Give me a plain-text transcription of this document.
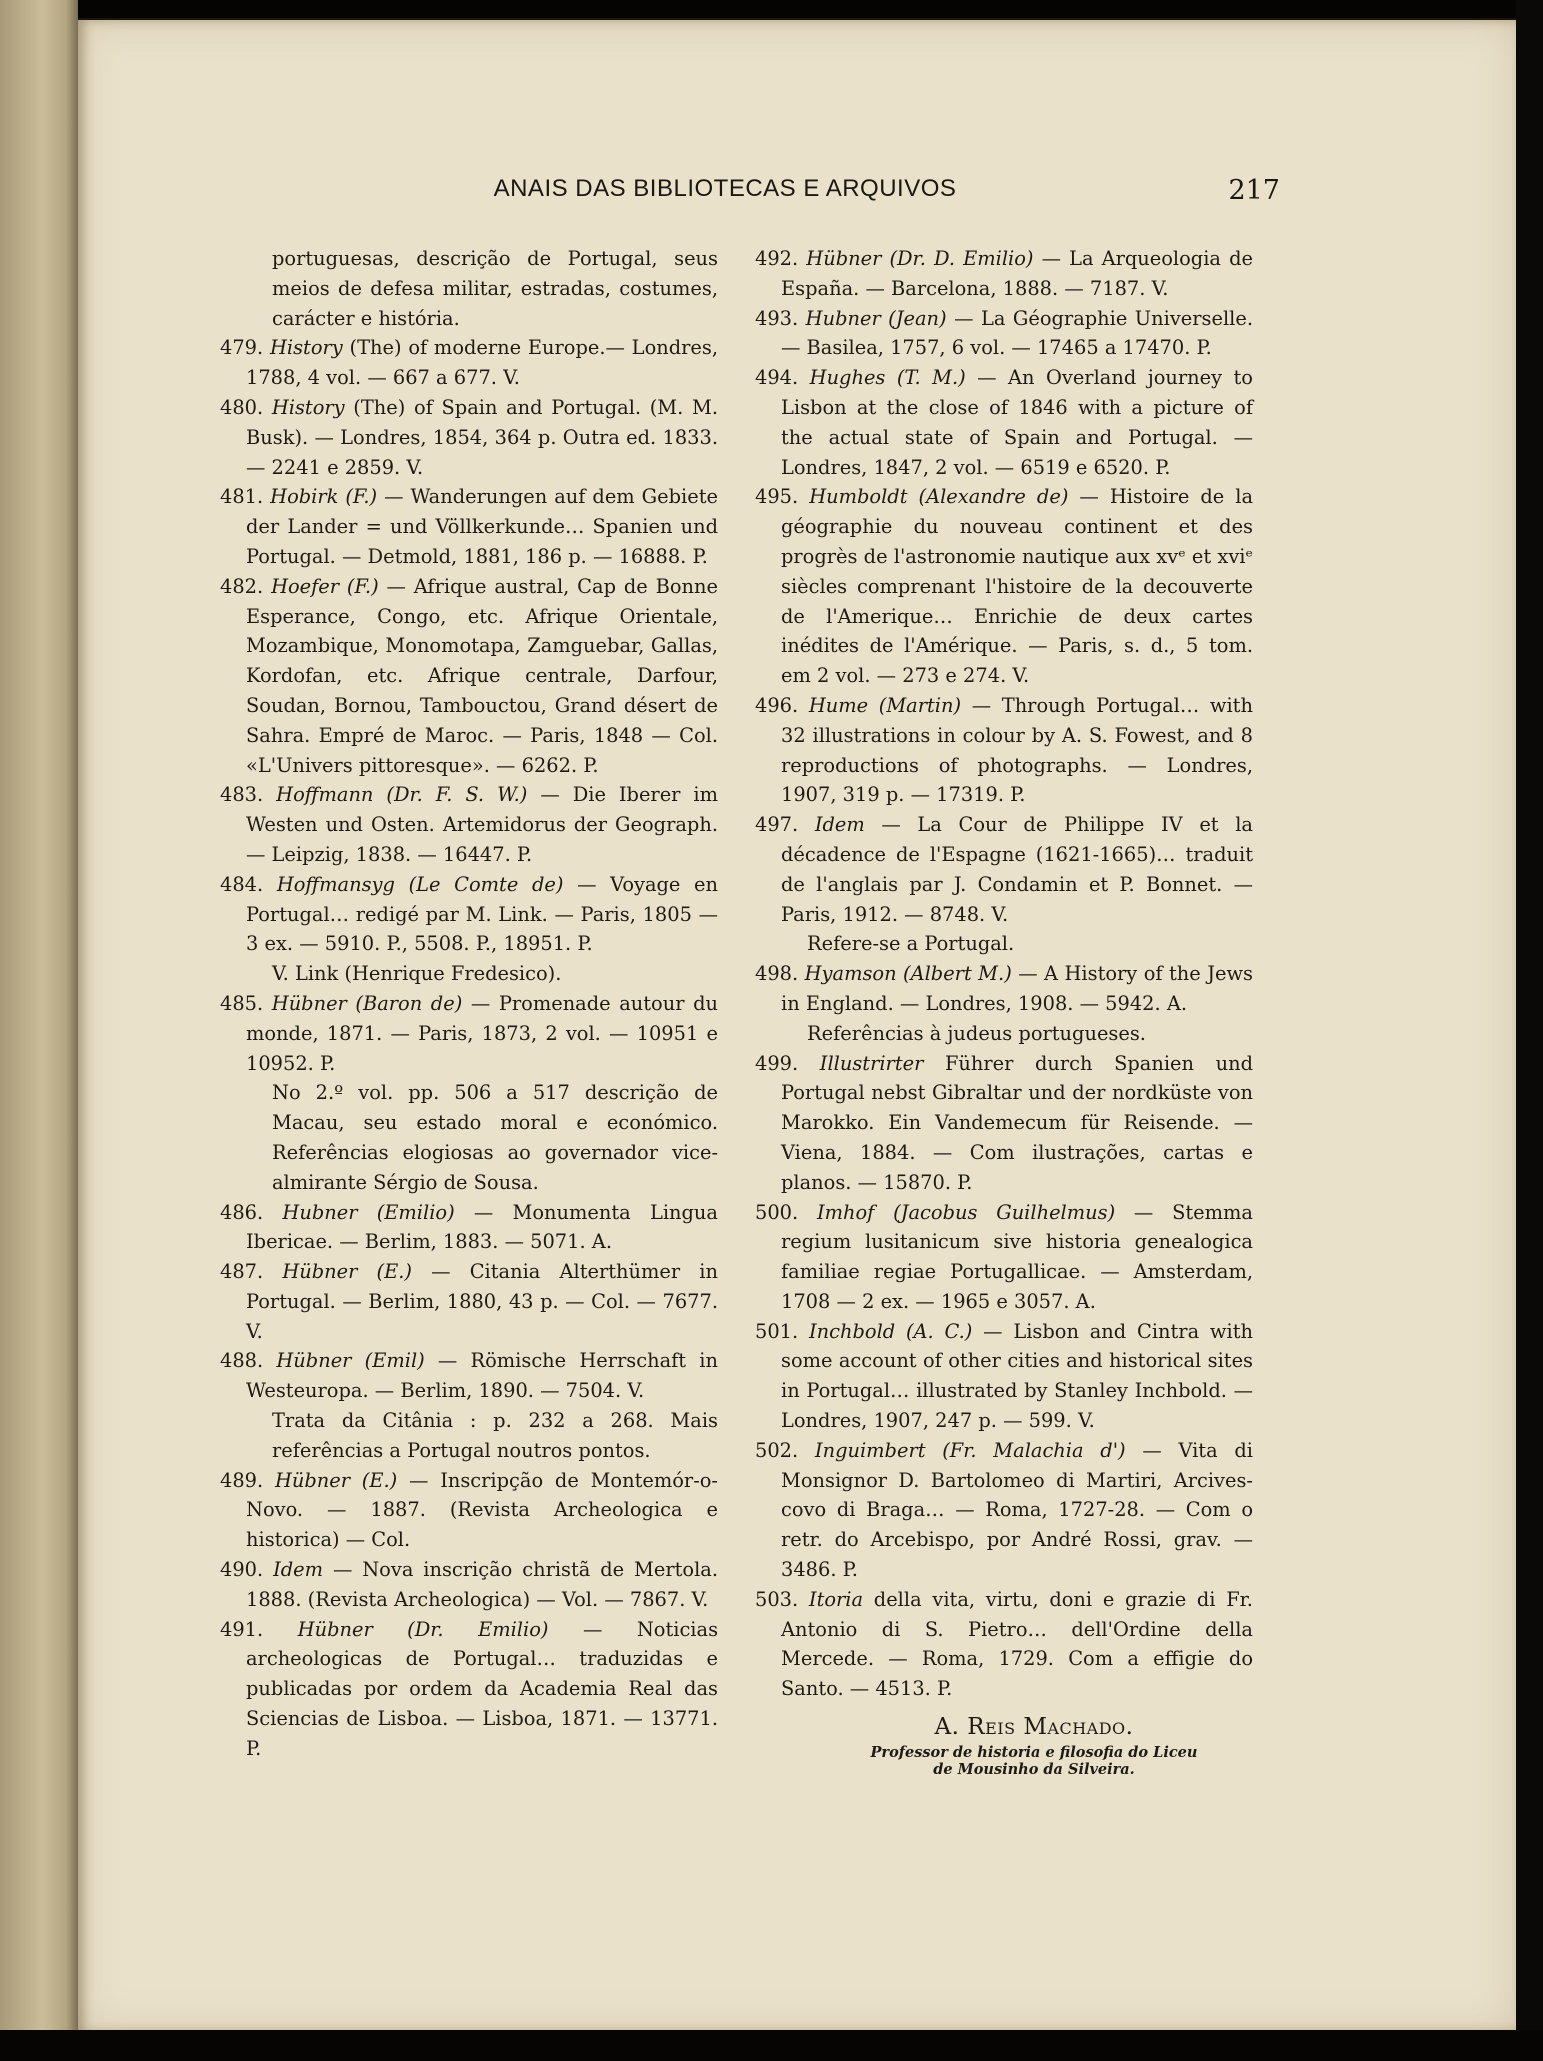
ANAIS DAS BIBLIOTECAS E ARQUIVOS	217

portuguesas, descrição de Portugal, seus meios de defesa militar, estradas, costumes, carácter e história.

479. History (The) of moderne Europe.— Londres, 1788, 4 vol. — 667 a 677. V.

480. History (The) of Spain and Portugal. (M. M. Busk). — Londres, 1854, 364 p. Outra ed. 1833. — 2241 e 2859. V.

481. Hobirk (F.) — Wanderungen auf dem Gebiete der Lander = und Völlkerkunde… Spanien und Portugal. — Detmold, 1881, 186 p. — 16888. P.

482. Hoefer (F.) — Afrique austral, Cap de Bonne Esperance, Congo, etc. Afrique Orientale, Mozambique, Monomotapa, Zamguebar, Gallas, Kordofan, etc. Afrique centrale, Darfour, Soudan, Bornou, Tambouctou, Grand désert de Sahra. Empré de Maroc. — Paris, 1848 — Col. «L'Univers pittoresque». — 6262. P.

483. Hoffmann (Dr. F. S. W.) — Die Iberer im Westen und Osten. Artemidorus der Geograph. — Leipzig, 1838. — 16447. P.

484. Hoffmansyg (Le Comte de) — Voyage en Portugal… redigé par M. Link. — Paris, 1805 — 3 ex. — 5910. P., 5508. P., 18951. P.

V. Link (Henrique Fredesico).

485. Hübner (Baron de) — Promenade autour du monde, 1871. — Paris, 1873, 2 vol. — 10951 e 10952. P.

No 2.º vol. pp. 506 a 517 descrição de Macau, seu estado moral e económico. Referências elogiosas ao governador vice-almirante Sérgio de Sousa.

486. Hubner (Emilio) — Monumenta Lingua Ibericae. — Berlim, 1883. — 5071. A.

487. Hübner (E.) — Citania Alterthümer in Portugal. — Berlim, 1880, 43 p. — Col. — 7677. V.

488. Hübner (Emil) — Römische Herrschaft in Westeuropa. — Berlim, 1890. — 7504. V.

Trata da Citânia : p. 232 a 268. Mais referências a Portugal noutros pontos.

489. Hübner (E.) — Inscripção de Montemór-o-Novo. — 1887. (Revista Archeologica e historica) — Col.

490. Idem — Nova inscrição christã de Mertola. 1888. (Revista Archeologica) — Vol. — 7867. V.

491. Hübner (Dr. Emilio) — Noticias archeologicas de Portugal… traduzidas e publicadas por ordem da Academia Real das Sciencias de Lisboa. — Lisboa, 1871. — 13771. P.

492. Hübner (Dr. D. Emilio) — La Arqueologia de España. — Barcelona, 1888. — 7187. V.

493. Hubner (Jean) — La Géographie Universelle. — Basilea, 1757, 6 vol. — 17465 a 17470. P.

494. Hughes (T. M.) — An Overland journey to Lisbon at the close of 1846 with a picture of the actual state of Spain and Portugal. — Londres, 1847, 2 vol. — 6519 e 6520. P.

495. Humboldt (Alexandre de) — Histoire de la géographie du nouveau continent et des progrès de l'astronomie nautique aux xvᵉ et xviᵉ siècles comprenant l'histoire de la decouverte de l'Amerique… Enrichie de deux cartes inédites de l'Amérique. — Paris, s. d., 5 tom. em 2 vol. — 273 e 274. V.

496. Hume (Martin) — Through Portugal… with 32 illustrations in colour by A. S. Fowest, and 8 reproductions of photographs. — Londres, 1907, 319 p. — 17319. P.

497. Idem — La Cour de Philippe IV et la décadence de l'Espagne (1621-1665)… traduit de l'anglais par J. Condamin et P. Bonnet. — Paris, 1912. — 8748. V.

Refere-se a Portugal.

498. Hyamson (Albert M.) — A History of the Jews in England. — Londres, 1908. — 5942. A.

Referências à judeus portugueses.

499. Illustrirter Führer durch Spanien und Portugal nebst Gibraltar und der nordküste von Marokko. Ein Vandemecum für Reisende. — Viena, 1884. — Com ilustrações, cartas e planos. — 15870. P.

500. Imhof (Jacobus Guilhelmus) — Stemma regium lusitanicum sive historia genealogica familiae regiae Portugallicae. — Amsterdam, 1708 — 2 ex. — 1965 e 3057. A.

501. Inchbold (A. C.) — Lisbon and Cintra with some account of other cities and historical sites in Portugal… illustrated by Stanley Inchbold. — Londres, 1907, 247 p. — 599. V.

502. Inguimbert (Fr. Malachia d') — Vita di Monsignor D. Bartolomeo di Martiri, Arcives-covo di Braga… — Roma, 1727-28. — Com o retr. do Arcebispo, por André Rossi, grav. — 3486. P.

503. Itoria della vita, virtu, doni e grazie di Fr. Antonio di S. Pietro… dell'Ordine della Mercede. — Roma, 1729. Com a effigie do Santo. — 4513. P.

A. Reis Machado.
Professor de historia e filosofia do Liceu
de Mousinho da Silveira.
